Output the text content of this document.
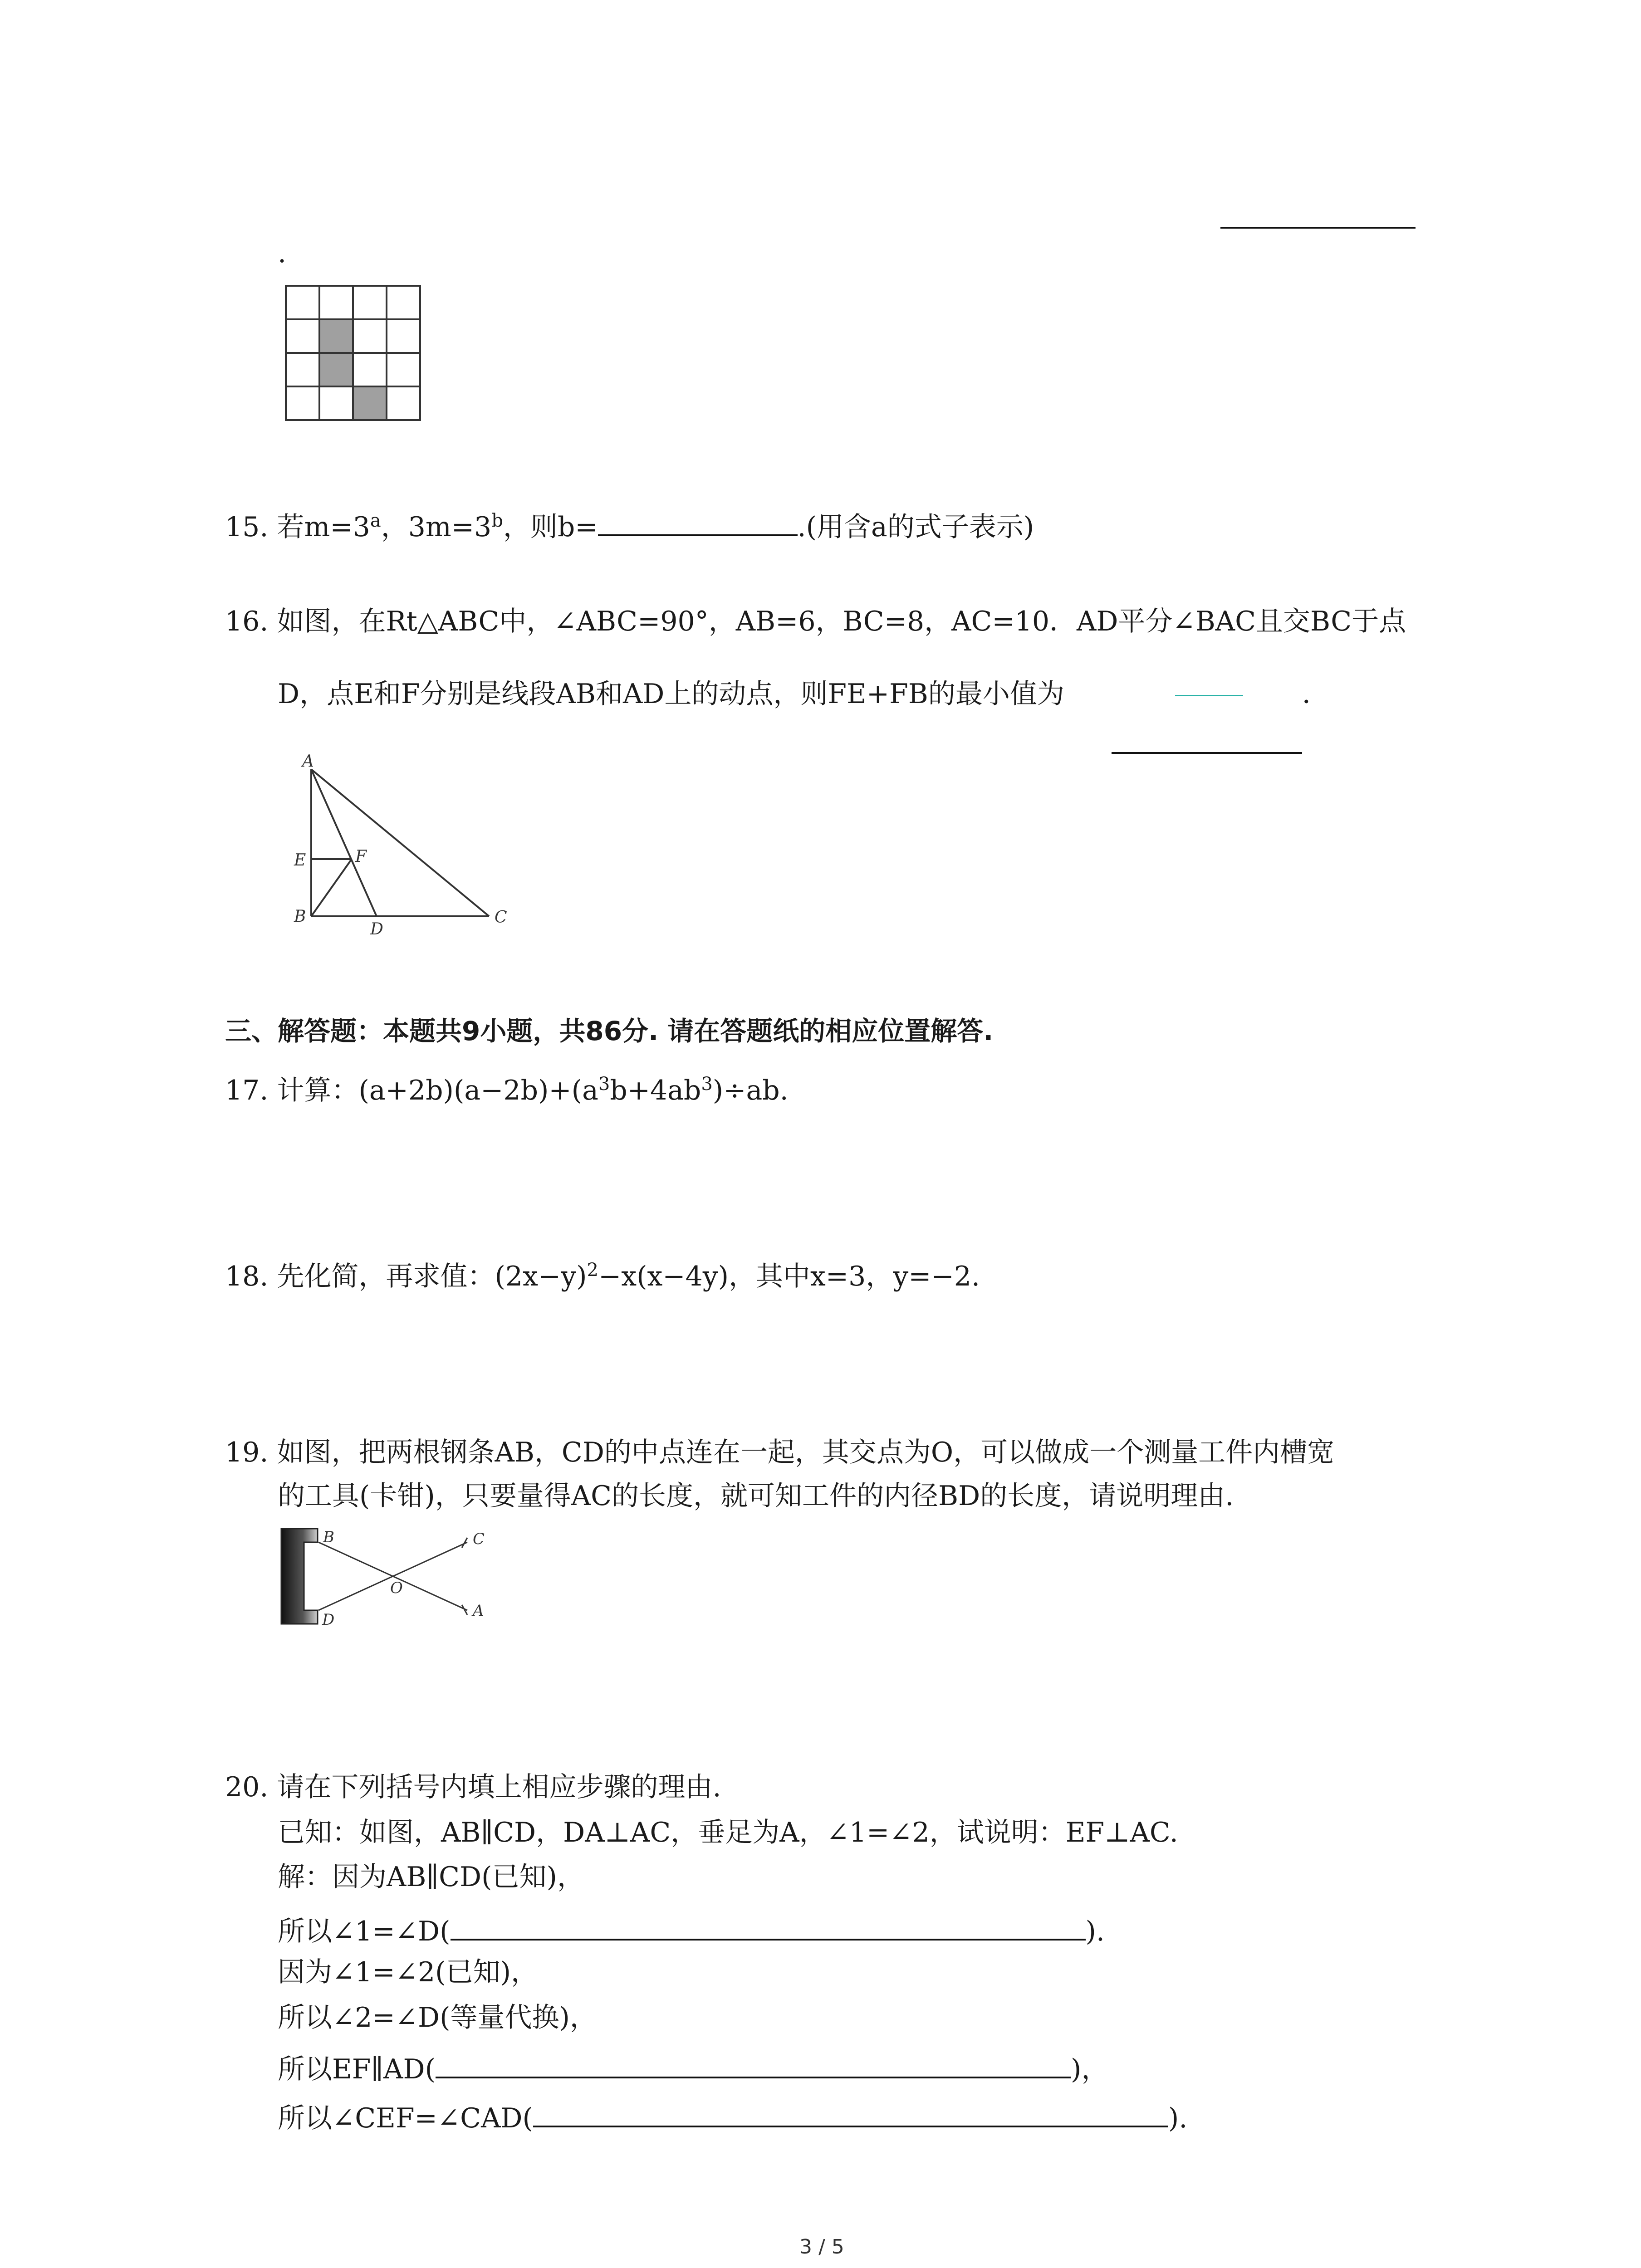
.
15. 若$m=3^a$，$3m=3^b$，则b=	.(用含a的式子表示)
16. 如图，在Rt△ABC中，∠ABC=90°，AB=6，BC=8，AC=10．AD平分∠BAC且交BC于点
D，点E和F分别是线段AB和AD上的动点，则FE+FB的最小值为	．
A
E	F
B
D
C
三、解答题：本题共9小题，共86分. 请在答题纸的相应位置解答.
17. 计算：$(a+2b)(a-2b)+(a^3b+4ab^3)\div ab$.
18. 先化简，再求值：$(2x-y)^2-x(x-4y)$，其中x=3，y=−2.
19. 如图，把两根钢条AB，CD的中点连在一起，其交点为O，可以做成一个测量工件内槽宽
的工具(卡钳)，只要量得AC的长度，就可知工件的内径BD的长度，请说明理由.
B	C
O
D	A
20. 请在下列括号内填上相应步骤的理由.
已知：如图，AB∥CD，DA⊥AC，垂足为A，∠1=∠2，试说明：EF⊥AC.
解：因为AB∥CD(已知)，
所以∠1=∠D(	).
因为∠1=∠2(已知)，
所以∠2=∠D(等量代换)，
所以EF∥AD(	)，
所以∠CEF=∠CAD(	).
3 / 5
